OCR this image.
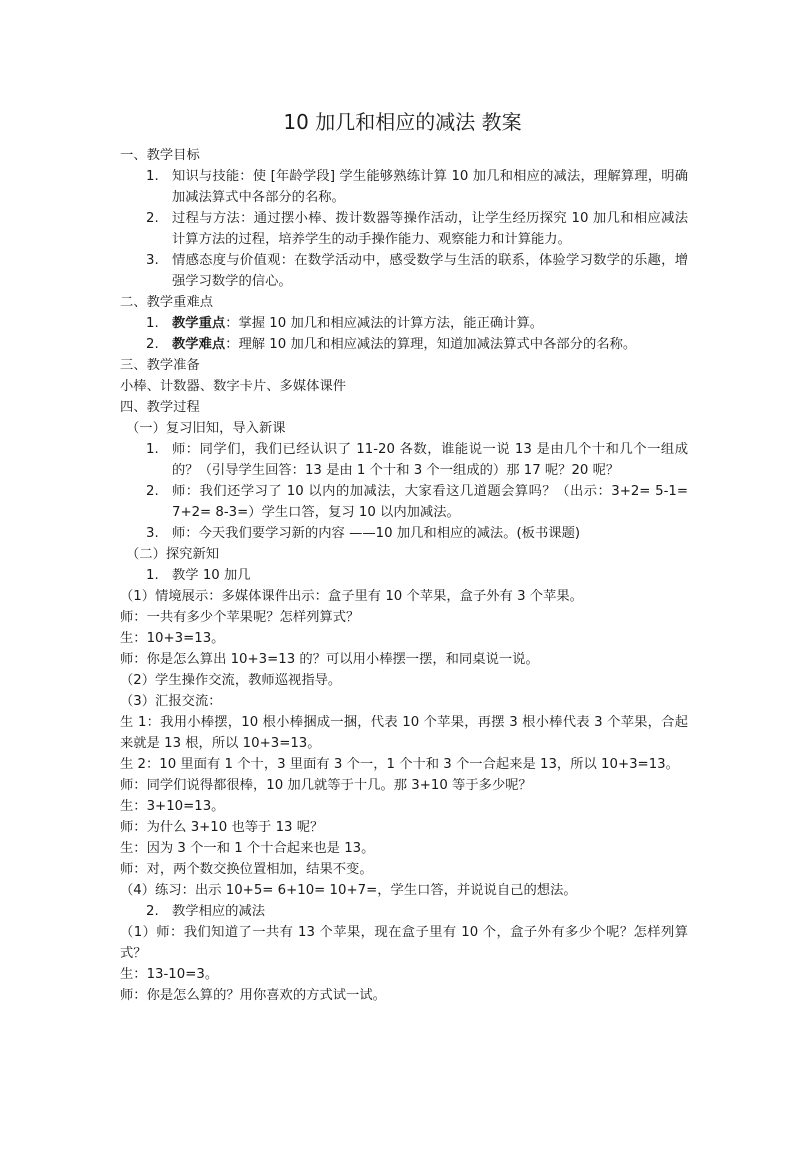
10 加几和相应的减法 教案

一、教学目标

1. 知识与技能：使 [年龄学段] 学生能够熟练计算 10 加几和相应的减法，理解算理，明确加减法算式中各部分的名称。

2. 过程与方法：通过摆小棒、拨计数器等操作活动，让学生经历探究 10 加几和相应减法计算方法的过程，培养学生的动手操作能力、观察能力和计算能力。

3. 情感态度与价值观：在数学活动中，感受数学与生活的联系，体验学习数学的乐趣，增强学习数学的信心。

二、教学重难点

1. 教学重点：掌握 10 加几和相应减法的计算方法，能正确计算。

2. 教学难点：理解 10 加几和相应减法的算理，知道加减法算式中各部分的名称。

三、教学准备

小棒、计数器、数字卡片、多媒体课件

四、教学过程

（一）复习旧知，导入新课

1. 师：同学们，我们已经认识了 11-20 各数，谁能说一说 13 是由几个十和几个一组成的？（引导学生回答：13 是由 1 个十和 3 个一组成的）那 17 呢？20 呢？

2. 师：我们还学习了 10 以内的加减法，大家看这几道题会算吗？（出示：3+2= 5-1= 7+2= 8-3=）学生口答，复习 10 以内加减法。

3. 师：今天我们要学习新的内容 ——10 加几和相应的减法。(板书课题)

（二）探究新知

1. 教学 10 加几

（1）情境展示：多媒体课件出示：盒子里有 10 个苹果，盒子外有 3 个苹果。

师：一共有多少个苹果呢？怎样列算式？

生：10+3=13。

师：你是怎么算出 10+3=13 的？可以用小棒摆一摆，和同桌说一说。

（2）学生操作交流，教师巡视指导。

（3）汇报交流：

生 1：我用小棒摆，10 根小棒捆成一捆，代表 10 个苹果，再摆 3 根小棒代表 3 个苹果，合起来就是 13 根，所以 10+3=13。

生 2：10 里面有 1 个十，3 里面有 3 个一，1 个十和 3 个一合起来是 13，所以 10+3=13。

师：同学们说得都很棒，10 加几就等于十几。那 3+10 等于多少呢？

生：3+10=13。

师：为什么 3+10 也等于 13 呢？

生：因为 3 个一和 1 个十合起来也是 13。

师：对，两个数交换位置相加，结果不变。

（4）练习：出示 10+5= 6+10= 10+7=，学生口答，并说说自己的想法。

2. 教学相应的减法

（1）师：我们知道了一共有 13 个苹果，现在盒子里有 10 个，盒子外有多少个呢？怎样列算式？

生：13-10=3。

师：你是怎么算的？用你喜欢的方式试一试。
